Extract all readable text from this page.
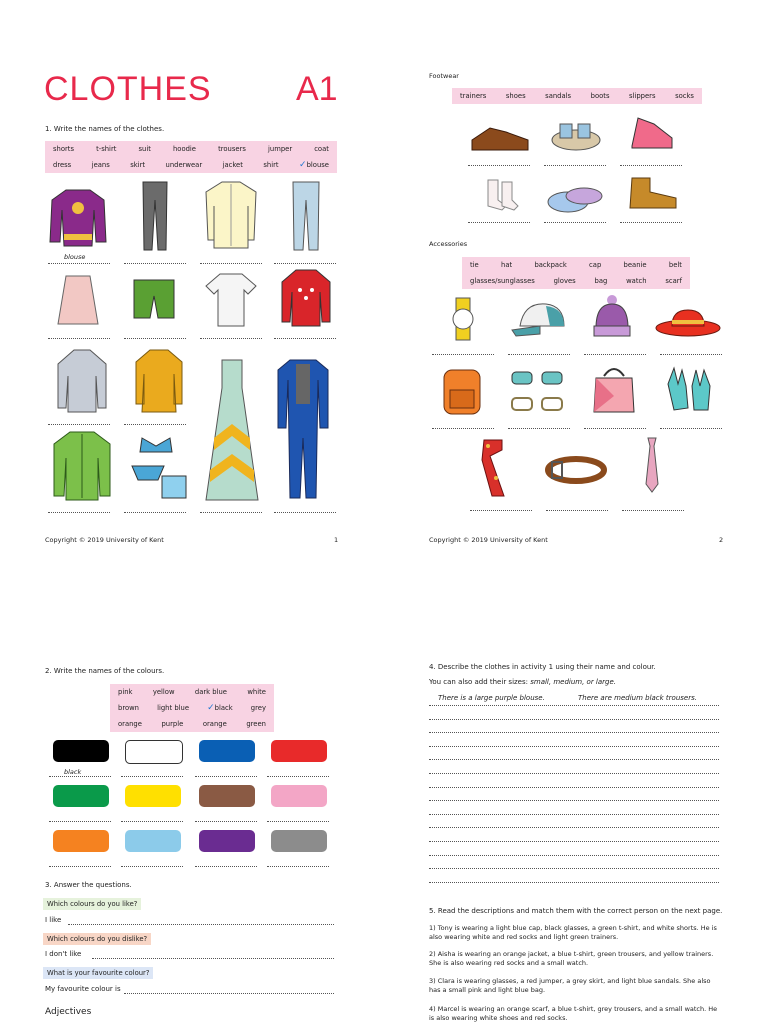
CLOTHES A1
1. Write the names of the clothes.
shorts	t-shirt	suit	hoodie	trousers	jumper	coat
dress	jeans	skirt	underwear	jacket	shirt ✓blouse
blouse
Copyright © 2019 University of Kent	1
Footwear
trainers	shoes	sandals	boots	slippers	socks
Accessories
tie	hat	backpack	cap	beanie	belt
glasses/sunglasses	gloves	bag	watch	scarf
Copyright © 2019 University of Kent	2
2. Write the names of the colours.
pink	yellow	dark blue	white
brown	light blue ✓black	grey
orange	purple	orange	green
black
3. Answer the questions.
Which colours do you like?
I like
Which colours do you dislike?
I don't like
What is your favourite colour?
My favourite colour is
Adjectives
4. Describe the clothes in activity 1 using their name and colour.
You can also add their sizes: small, medium, or large.
There is a large purple blouse.	There are medium black trousers.
5. Read the descriptions and match them with the correct person on the next page.
1) Tony is wearing a light blue cap, black glasses, a green t-shirt, and white shorts. He is also wearing white and red socks and light green trainers.
2) Aisha is wearing an orange jacket, a blue t-shirt, green trousers, and yellow trainers. She is also wearing red socks and a small watch.
3) Clara is wearing glasses, a red jumper, a grey skirt, and light blue sandals. She also has a small pink and light blue bag.
4) Marcel is wearing an orange scarf, a blue t-shirt, grey trousers, and a small watch. He is also wearing white shoes and red socks.
